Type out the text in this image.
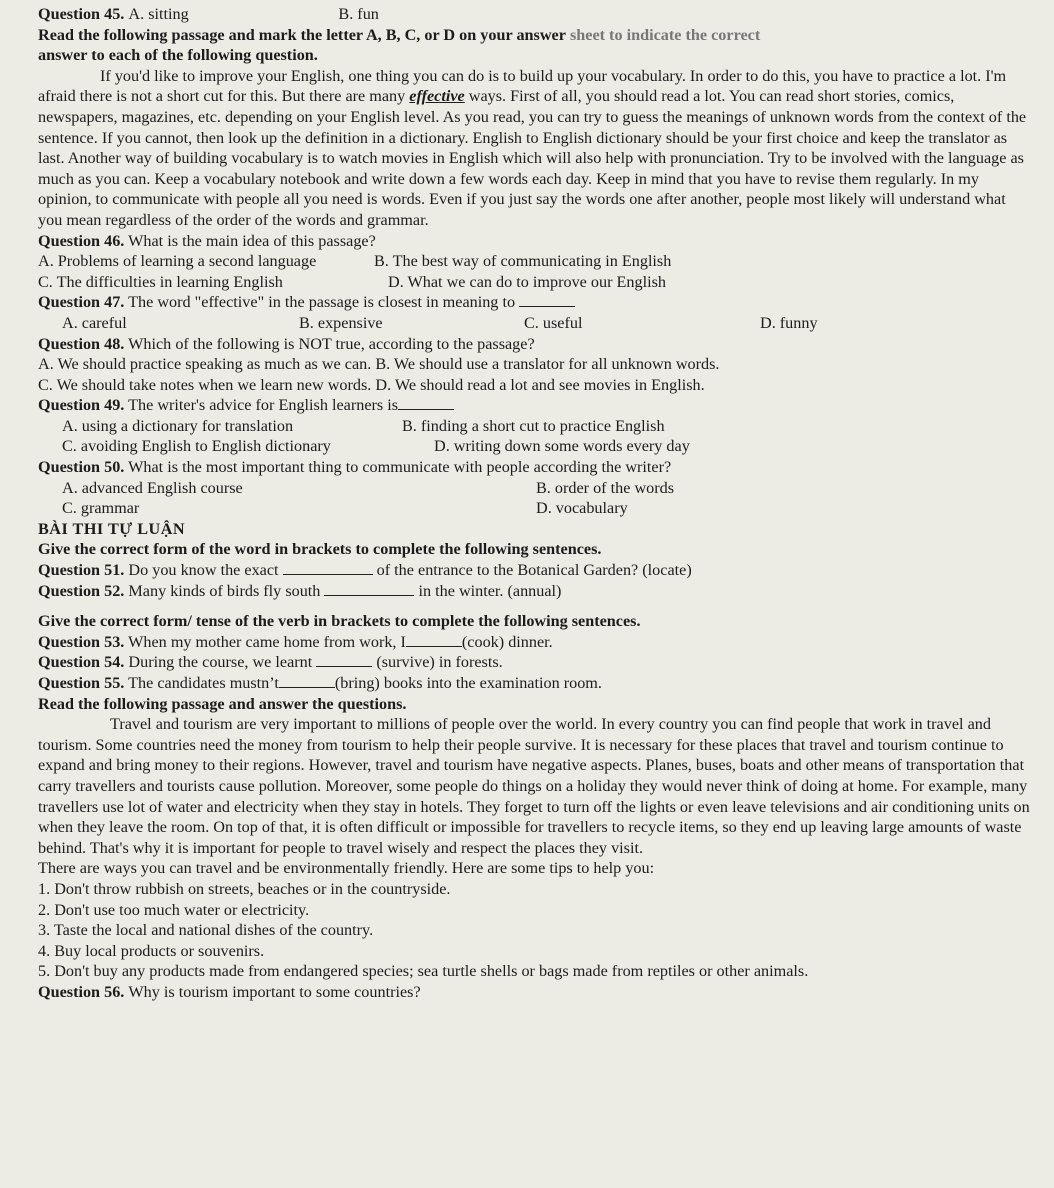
Question 45.
A. sitting	B. fun

Read the following passage and mark the letter A, B, C, or D on your answer sheet to indicate the correct

answer to each of the following question.

If you'd like to improve your English, one thing you can do is to build up your vocabulary. In order to do this, you have to practice a lot. I'm afraid there is not a short cut for this. But there are many effective ways. First of all, you should read a lot. You can read short stories, comics, newspapers, magazines, etc. depending on your English level. As you read, you can try to guess the meanings of unknown words from the context of the sentence. If you cannot, then look up the definition in a dictionary. English to English dictionary should be your first choice and keep the translator as last. Another way of building vocabulary is to watch movies in English which will also help with pronunciation. Try to be involved with the language as much as you can. Keep a vocabulary notebook and write down a few words each day. Keep in mind that you have to revise them regularly. In my opinion, to communicate with people all you need is words. Even if you just say the words one after another, people most likely will understand what you mean regardless of the order of the words and grammar.

Question 46. What is the main idea of this passage?

A. Problems of learning a second language	B. The best way of communicating in English
C. The difficulties in learning English	D. What we can do to improve our English

Question 47. The word "effective" in the passage is closest in meaning to

A. careful	B. expensive	C. useful	D. funny

Question 48. Which of the following is NOT true, according to the passage?

A. We should practice speaking as much as we can. B. We should use a translator for all unknown words.

C. We should take notes when we learn new words. D. We should read a lot and see movies in English.

Question 49. The writer's advice for English learners is

A. using a dictionary for translation	B. finding a short cut to practice English
C. avoiding English to English dictionary	D. writing down some words every day

Question 50. What is the most important thing to communicate with people according the writer?

A. advanced English course	B. order of the words
C. grammar	D. vocabulary

BÀI THI TỰ LUẬN

Give the correct form of the word in brackets to complete the following sentences.

Question 51. Do you know the exact	of the entrance to the Botanical Garden? (locate)

Question 52. Many kinds of birds fly south	in the winter. (annual)

Give the correct form/ tense of the verb in brackets to complete the following sentences.

Question 53. When my mother came home from work, I	(cook) dinner.

Question 54. During the course, we learnt	(survive) in forests.

Question 55. The candidates mustn’t	(bring) books into the examination room.

Read the following passage and answer the questions.

Travel and tourism are very important to millions of people over the world. In every country you can find people that work in travel and tourism. Some countries need the money from tourism to help their people survive. It is necessary for these places that travel and tourism continue to expand and bring money to their regions. However, travel and tourism have negative aspects. Planes, buses, boats and other means of transportation that carry travellers and tourists cause pollution. Moreover, some people do things on a holiday they would never think of doing at home. For example, many travellers use lot of water and electricity when they stay in hotels. They forget to turn off the lights or even leave televisions and air conditioning units on when they leave the room. On top of that, it is often difficult or impossible for travellers to recycle items, so they end up leaving large amounts of waste behind. That's why it is important for people to travel wisely and respect the places they visit.

There are ways you can travel and be environmentally friendly. Here are some tips to help you:

1. Don't throw rubbish on streets, beaches or in the countryside.

2. Don't use too much water or electricity.

3. Taste the local and national dishes of the country.

4. Buy local products or souvenirs.

5. Don't buy any products made from endangered species; sea turtle shells or bags made from reptiles or other animals.

Question 56. Why is tourism important to some countries?
